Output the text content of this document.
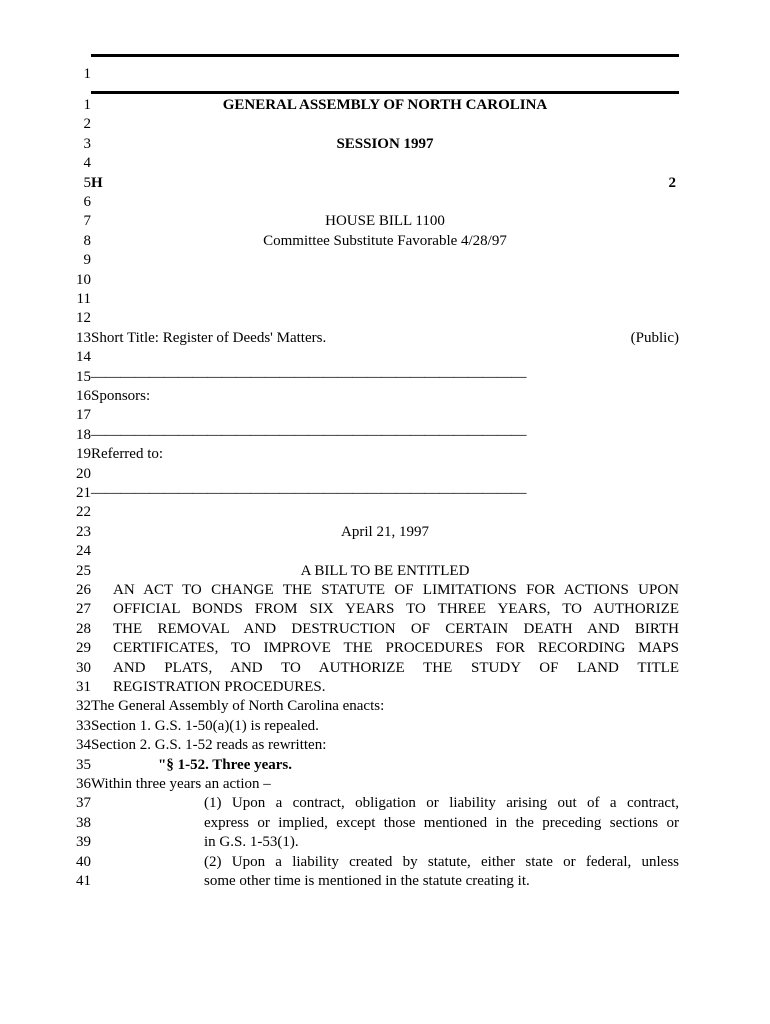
1
1	GENERAL ASSEMBLY OF NORTH CAROLINA
2
3	SESSION 1997
4
5 H	2
6
7	HOUSE BILL 1100
8	Committee Substitute Favorable 4/28/97
9
10
11
12
13 Short Title: Register of Deeds' Matters.	(Public)
14
15 ——————————————————————————————
16 Sponsors:
17
18 ——————————————————————————————
19 Referred to:
20
21 ——————————————————————————————
22
23	April 21, 1997
24
25	A BILL TO BE ENTITLED
26 AN ACT TO CHANGE THE STATUTE OF LIMITATIONS FOR ACTIONS UPON
27 OFFICIAL BONDS FROM SIX YEARS TO THREE YEARS, TO AUTHORIZE
28 THE REMOVAL AND DESTRUCTION OF CERTAIN DEATH AND BIRTH
29 CERTIFICATES, TO IMPROVE THE PROCEDURES FOR RECORDING MAPS
30 AND PLATS, AND TO AUTHORIZE THE STUDY OF LAND TITLE
31 REGISTRATION PROCEDURES.
32 The General Assembly of North Carolina enacts:
33 Section 1. G.S. 1-50(a)(1) is repealed.
34 Section 2. G.S. 1-52 reads as rewritten:
35	"§ 1-52. Three years.
36 Within three years an action –
37	(1) Upon a contract, obligation or liability arising out of a contract,
38	express or implied, except those mentioned in the preceding sections or
39	in G.S. 1-53(1).
40	(2) Upon a liability created by statute, either state or federal, unless
41	some other time is mentioned in the statute creating it.
